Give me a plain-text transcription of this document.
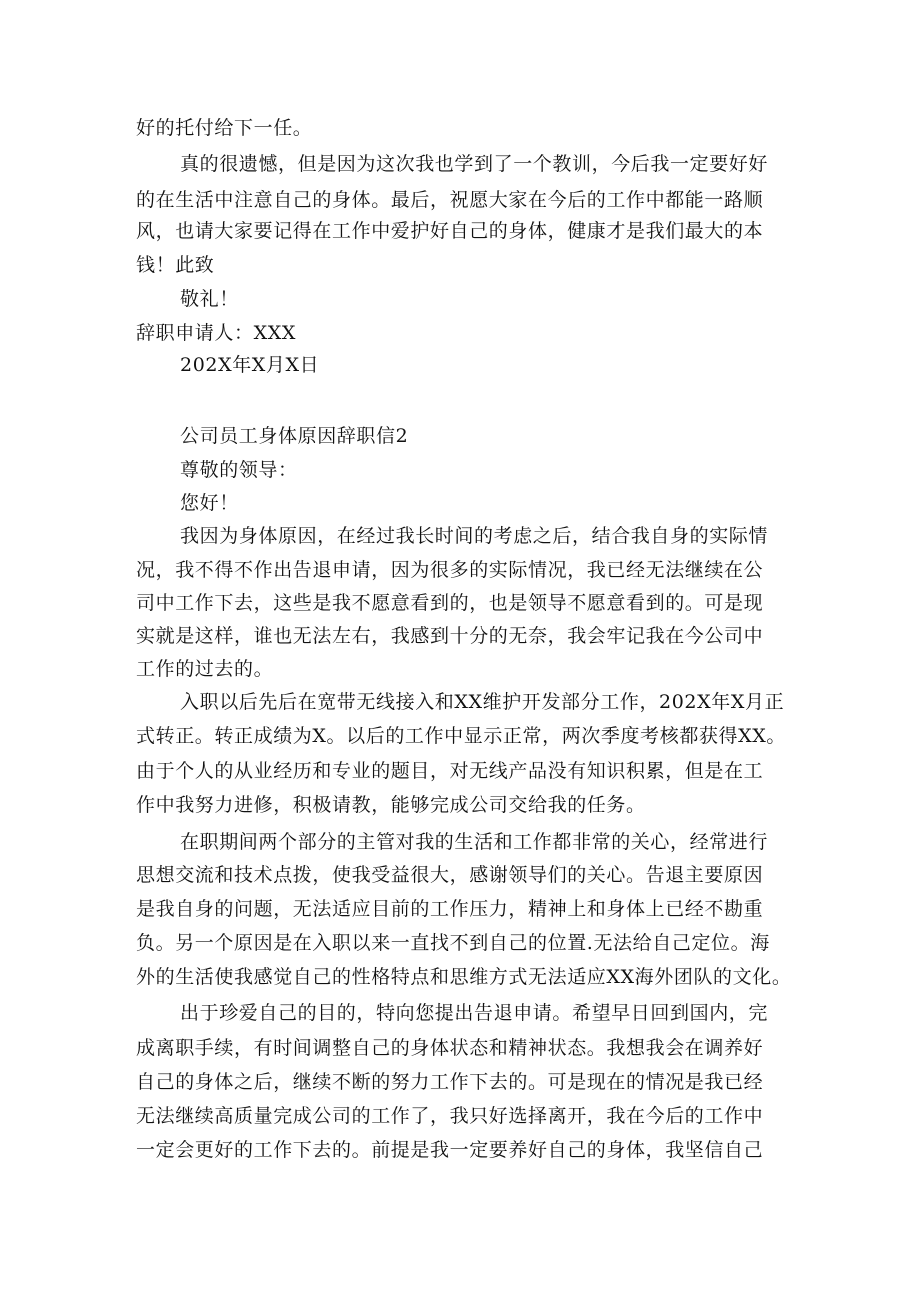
好的托付给下一任。
真的很遗憾，但是因为这次我也学到了一个教训，今后我一定要好好
的在生活中注意自己的身体。最后，祝愿大家在今后的工作中都能一路顺
风，也请大家要记得在工作中爱护好自己的身体，健康才是我们最大的本
钱！此致
敬礼！
辞职申请人：XXX
202X年X月X日
公司员工身体原因辞职信2
尊敬的领导：
您好！
我因为身体原因，在经过我长时间的考虑之后，结合我自身的实际情
况，我不得不作出告退申请，因为很多的实际情况，我已经无法继续在公
司中工作下去，这些是我不愿意看到的，也是领导不愿意看到的。可是现
实就是这样，谁也无法左右，我感到十分的无奈，我会牢记我在今公司中
工作的过去的。
入职以后先后在宽带无线接入和XX维护开发部分工作，202X年X月正
式转正。转正成绩为X。以后的工作中显示正常，两次季度考核都获得XX。
由于个人的从业经历和专业的题目，对无线产品没有知识积累，但是在工
作中我努力进修，积极请教，能够完成公司交给我的任务。
在职期间两个部分的主管对我的生活和工作都非常的关心，经常进行
思想交流和技术点拨，使我受益很大，感谢领导们的关心。告退主要原因
是我自身的问题，无法适应目前的工作压力，精神上和身体上已经不勘重
负。另一个原因是在入职以来一直找不到自己的位置.无法给自己定位。海
外的生活使我感觉自己的性格特点和思维方式无法适应XX海外团队的文化。
出于珍爱自己的目的，特向您提出告退申请。希望早日回到国内，完
成离职手续，有时间调整自己的身体状态和精神状态。我想我会在调养好
自己的身体之后，继续不断的努力工作下去的。可是现在的情况是我已经
无法继续高质量完成公司的工作了，我只好选择离开，我在今后的工作中
一定会更好的工作下去的。前提是我一定要养好自己的身体，我坚信自己
